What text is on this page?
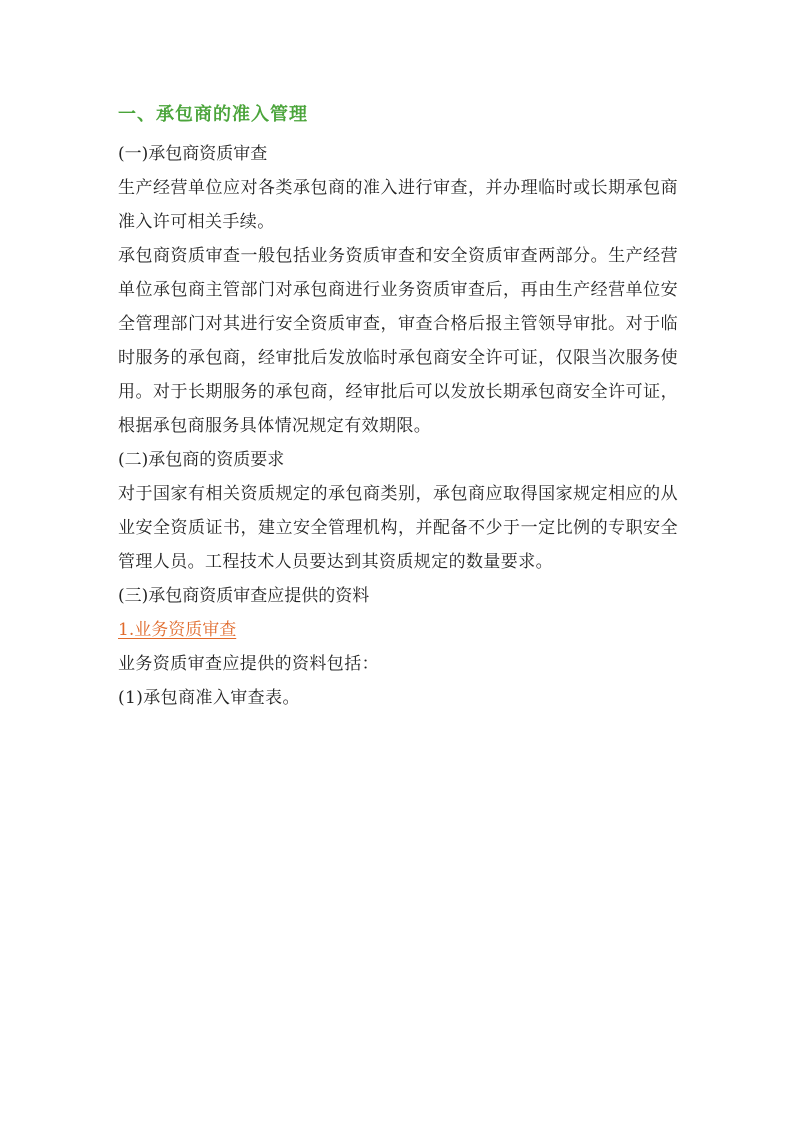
一、承包商的准入管理

(一)承包商资质审查

生产经营单位应对各类承包商的准入进行审查，并办理临时或长期承包商准入许可相关手续。

承包商资质审查一般包括业务资质审查和安全资质审查两部分。生产经营单位承包商主管部门对承包商进行业务资质审查后，再由生产经营单位安全管理部门对其进行安全资质审查，审查合格后报主管领导审批。对于临时服务的承包商，经审批后发放临时承包商安全许可证，仅限当次服务使用。对于长期服务的承包商，经审批后可以发放长期承包商安全许可证，根据承包商服务具体情况规定有效期限。

(二)承包商的资质要求

对于国家有相关资质规定的承包商类别，承包商应取得国家规定相应的从业安全资质证书，建立安全管理机构，并配备不少于一定比例的专职安全管理人员。工程技术人员要达到其资质规定的数量要求。

(三)承包商资质审查应提供的资料

1.业务资质审查

业务资质审查应提供的资料包括：

(1)承包商准入审查表。
